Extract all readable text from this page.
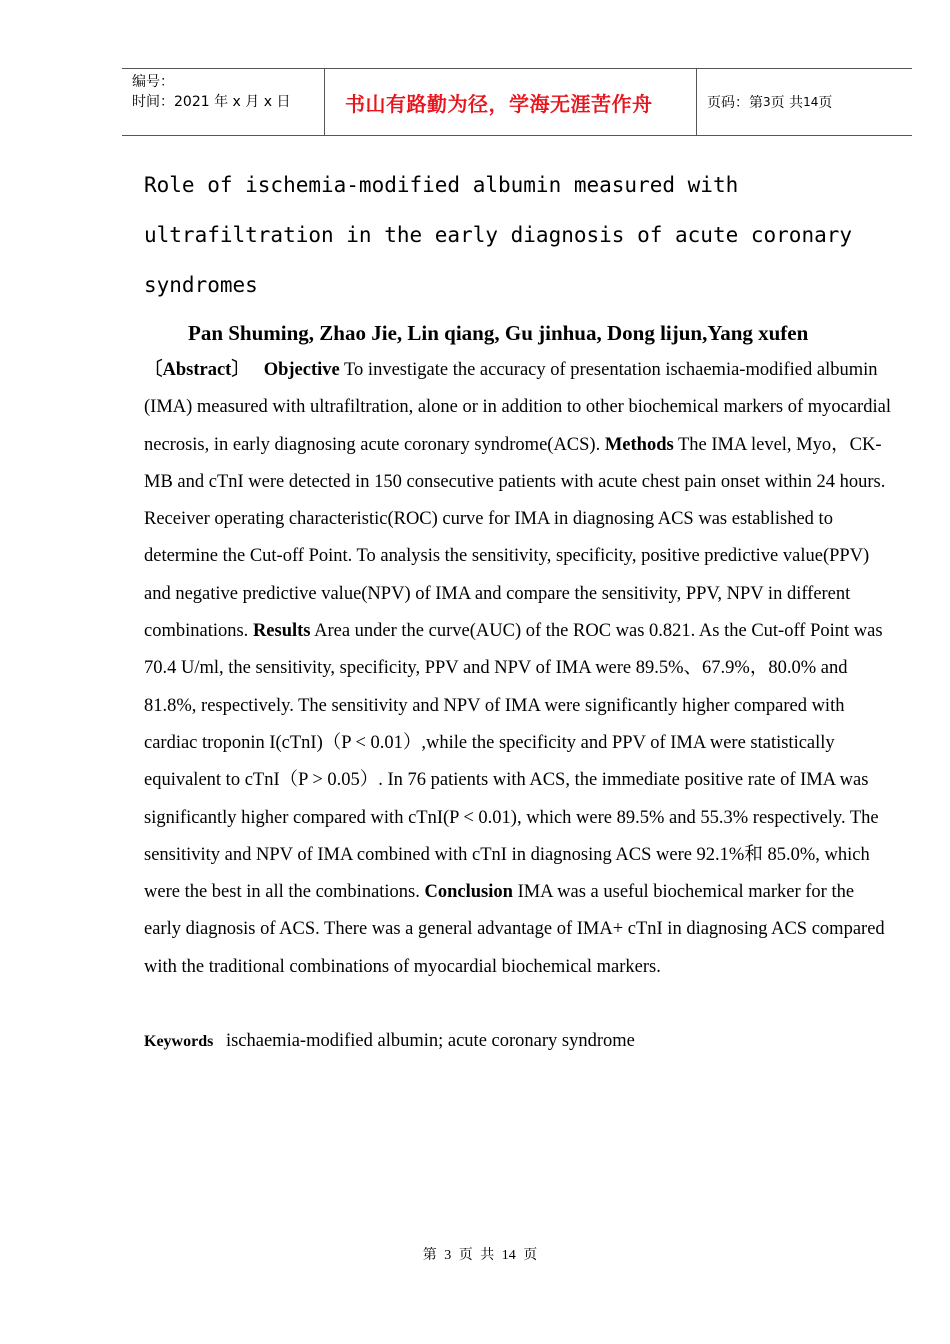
编号：
时间：2021 年 x 月 x 日	书山有路勤为径，学海无涯苦作舟	页码：第 3 页 共 14 页
Role of ischemia-modified albumin measured with
ultrafiltration in the early diagnosis of acute coronary
syndromes
Pan Shuming, Zhao Jie, Lin qiang, Gu jinhua, Dong lijun,Yang xufen

〔Abstract〕 Objective To investigate the accuracy of presentation ischaemia-modified albumin (IMA) measured with ultrafiltration, alone or in addition to other biochemical markers of myocardial necrosis, in early diagnosing acute coronary syndrome(ACS). Methods The IMA level, Myo，CK-MB and cTnI were detected in 150 consecutive patients with acute chest pain onset within 24 hours. Receiver operating characteristic(ROC) curve for IMA in diagnosing ACS was established to determine the Cut-off Point. To analysis the sensitivity, specificity, positive predictive value(PPV) and negative predictive value(NPV) of IMA and compare the sensitivity, PPV, NPV in different combinations. Results Area under the curve(AUC) of the ROC was 0.821. As the Cut-off Point was 70.4 U/ml, the sensitivity, specificity, PPV and NPV of IMA were 89.5%、67.9%，80.0% and 81.8%, respectively. The sensitivity and NPV of IMA were significantly higher compared with cardiac troponin I(cTnI)（P < 0.01）,while the specificity and PPV of IMA were statistically equivalent to cTnI（P > 0.05）. In 76 patients with ACS, the immediate positive rate of IMA was significantly higher compared with cTnI(P < 0.01), which were 89.5% and 55.3% respectively. The sensitivity and NPV of IMA combined with cTnI in diagnosing ACS were 92.1%和 85.0%, which were the best in all the combinations. Conclusion IMA was a useful biochemical marker for the early diagnosis of ACS. There was a general advantage of IMA+ cTnI in diagnosing ACS compared with the traditional combinations of myocardial biochemical markers.

Keywords ischaemia-modified albumin; acute coronary syndrome
第 3 页 共 14 页
